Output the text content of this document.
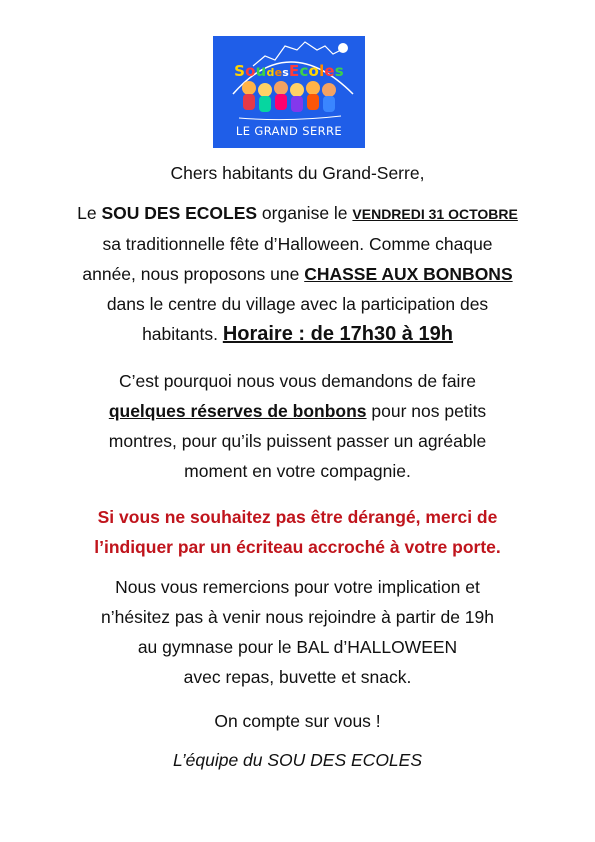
SoudesEcoles
LE GRAND SERRE
Chers habitants du Grand-Serre,
Le SOU DES ECOLES organise le VENDREDI 31 OCTOBRE
sa traditionnelle fête d’Halloween. Comme chaque
année, nous proposons une CHASSE AUX BONBONS
dans le centre du village avec la participation des
habitants. Horaire : de 17h30 à 19h
C’est pourquoi nous vous demandons de faire
quelques réserves de bonbons pour nos petits
montres, pour qu’ils puissent passer un agréable
moment en votre compagnie.
Si vous ne souhaitez pas être dérangé, merci de
l’indiquer par un écriteau accroché à votre porte.
Nous vous remercions pour votre implication et
n’hésitez pas à venir nous rejoindre à partir de 19h
au gymnase pour le BAL d’HALLOWEEN
avec repas, buvette et snack.
On compte sur vous !
L’équipe du SOU DES ECOLES
